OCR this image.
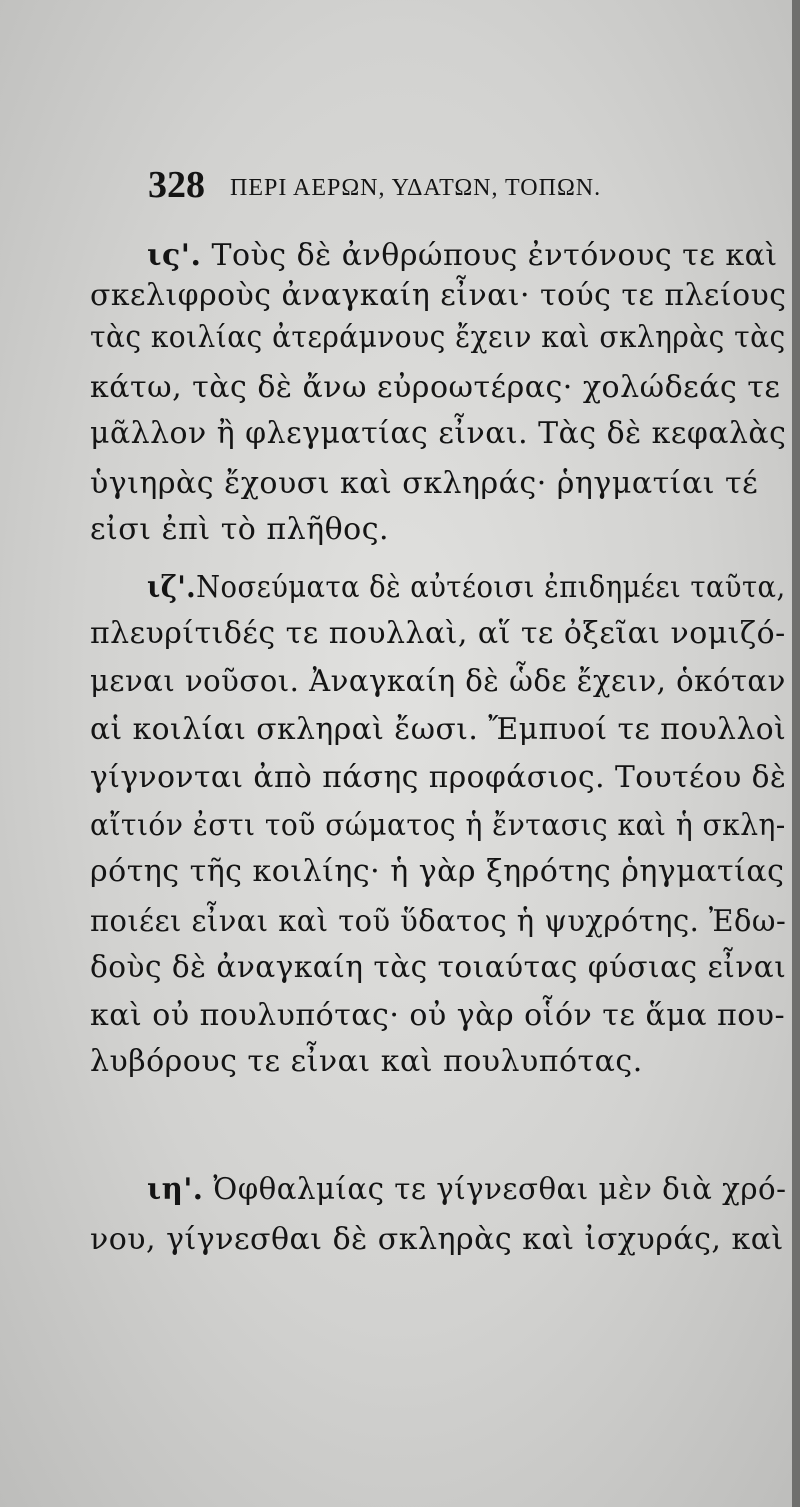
328 ΠΕΡΙ ΑΕΡΩΝ, ΥΔΑΤΩΝ, ΤΟΠΩΝ.
ις'. Τοὺς δὲ ἀνθρώπους ἐντόνους τε καὶ
σκελιφροὺς ἀναγκαίη εἶναι· τούς τε πλείους
τὰς κοιλίας ἀτεράμνους ἔχειν καὶ σκληρὰς τὰς
κάτω, τὰς δὲ ἄνω εὐροωτέρας· χολώδεάς τε
μᾶλλον ἢ φλεγματίας εἶναι. Τὰς δὲ κεφαλὰς
ὑγιηρὰς ἔχουσι καὶ σκληράς· ῥηγματίαι τέ
εἰσι ἐπὶ τὸ πλῆθος.
ιζ'.Νοσεύματα δὲ αὐτέοισι ἐπιδημέει ταῦτα,
πλευρίτιδές τε πουλλαὶ, αἵ τε ὀξεῖαι νομιζό-
μεναι νοῦσοι. Ἀναγκαίη δὲ ὧδε ἔχειν, ὁκόταν
αἱ κοιλίαι σκληραὶ ἔωσι. Ἔμπυοί τε πουλλοὶ
γίγνονται ἀπὸ πάσης προφάσιος. Τουτέου δὲ
αἴτιόν ἐστι τοῦ σώματος ἡ ἔντασις καὶ ἡ σκλη-
ρότης τῆς κοιλίης· ἡ γὰρ ξηρότης ῥηγματίας
ποιέει εἶναι καὶ τοῦ ὕδατος ἡ ψυχρότης. Ἐδω-
δοὺς δὲ ἀναγκαίη τὰς τοιαύτας φύσιας εἶναι
καὶ οὐ πουλυπότας· οὐ γὰρ οἷόν τε ἅμα που-
λυβόρους τε εἶναι καὶ πουλυπότας.
ιη'. Ὀφθαλμίας τε γίγνεσθαι μὲν διὰ χρό-
νου, γίγνεσθαι δὲ σκληρὰς καὶ ἰσχυράς, καὶ
